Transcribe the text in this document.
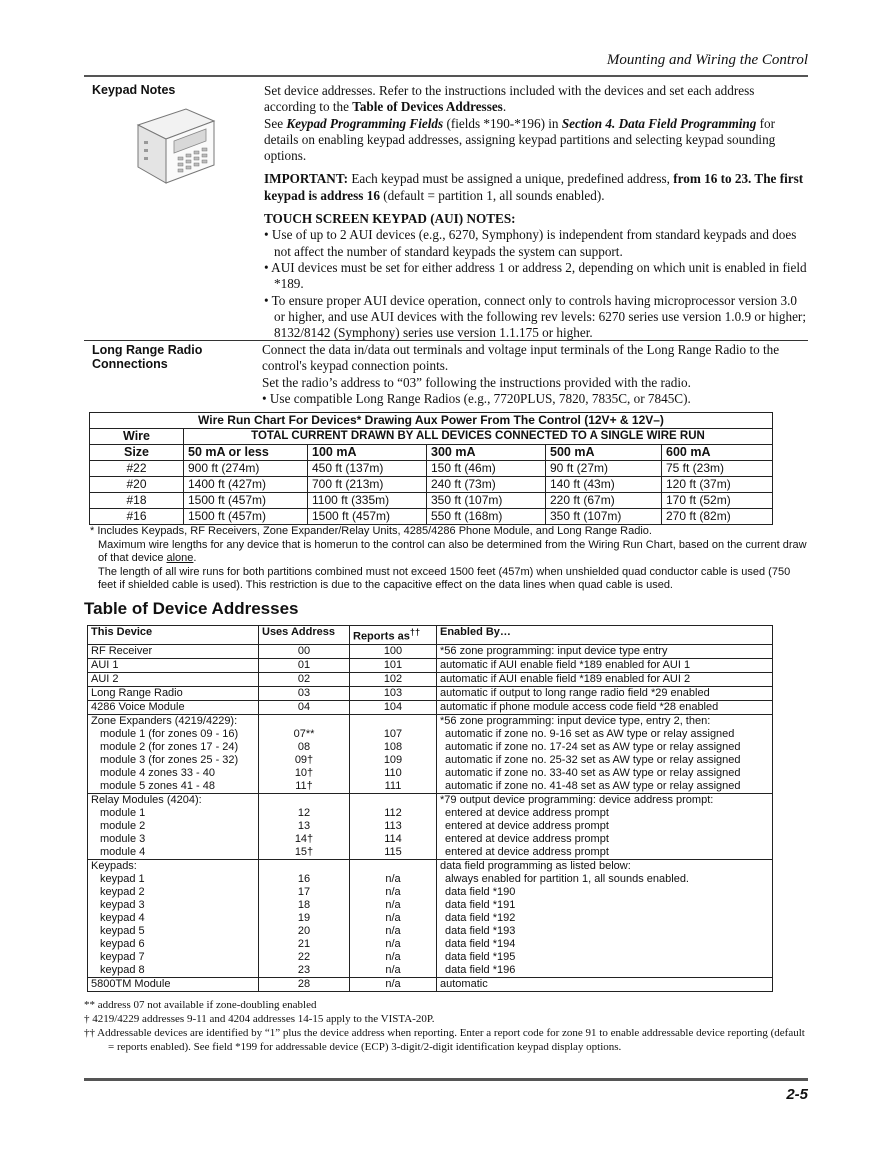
Mounting and Wiring the Control
Keypad Notes	Set device addresses. Refer to the instructions included with the devices and set each address according to the Table of Devices Addresses.

See Keypad Programming Fields (fields *190-*196) in Section 4. Data Field Programming for details on enabling keypad addresses, assigning keypad partitions and selecting keypad sounding options.

IMPORTANT: Each keypad must be assigned a unique, predefined address, from 16 to 23. The first keypad is address 16 (default = partition 1, all sounds enabled).

TOUCH SCREEN KEYPAD (AUI) NOTES:

• Use of up to 2 AUI devices (e.g., 6270, Symphony) is independent from standard keypads and does not affect the number of standard keypads the system can support.

• AUI devices must be set for either address 1 or address 2, depending on which unit is enabled in field *189.

• To ensure proper AUI device operation, connect only to controls having microprocessor version 3.0 or higher, and use AUI devices with the following rev levels: 6270 series use version 1.0.9 or higher; 8132/8142 (Symphony) series use version 1.1.175 or higher.

Long Range Radio Connections

Connect the data in/data out terminals and voltage input terminals of the Long Range Radio to the control's keypad connection points.

Set the radio’s address to “03” following the instructions provided with the radio.

• Use compatible Long Range Radios (e.g., 7720PLUS, 7820, 7835C, or 7845C).

Wire Run Chart For Devices* Drawing Aux Power From The Control (12V+ & 12V–)					
Wire	TOTAL CURRENT DRAWN BY ALL DEVICES CONNECTED TO A SINGLE WIRE RUN				
Size	50 mA or less	100 mA	300 mA	500 mA	600 mA
#22	900 ft (274m)	450 ft (137m)	150 ft (46m)	90 ft (27m)	75 ft (23m)
#20	1400 ft (427m)	700 ft (213m)	240 ft (73m)	140 ft (43m)	120 ft (37m)
#18	1500 ft (457m)	1100 ft (335m)	350 ft (107m)	220 ft (67m)	170 ft (52m)
#16	1500 ft (457m)	1500 ft (457m)	550 ft (168m)	350 ft (107m)	270 ft (82m)

* Includes Keypads, RF Receivers, Zone Expander/Relay Units, 4285/4286 Phone Module, and Long Range Radio.

Maximum wire lengths for any device that is homerun to the control can also be determined from the Wiring Run Chart, based on the current draw of that device alone.

The length of all wire runs for both partitions combined must not exceed 1500 feet (457m) when unshielded quad conductor cable is used (750 feet if shielded cable is used). This restriction is due to the capacitive effect on the data lines when quad cable is used.

Table of Device Addresses
This Device	Uses Address	Reports as††	Enabled By…
RF Receiver	00	100	*56 zone programming: input device type entry
AUI 1	01	101	automatic if AUI enable field *189 enabled for AUI 1
AUI 2	02	102	automatic if AUI enable field *189 enabled for AUI 2
Long Range Radio	03	103	automatic if output to long range radio field *29 enabled
4286 Voice Module	04	104	automatic if phone module access code field *28 enabled
Zone Expanders (4219/4229):			*56 zone programming: input device type, entry 2, then:
module 1 (for zones 09 - 16)	07**	107	automatic if zone no. 9-16 set as AW type or relay assigned
module 2 (for zones 17 - 24)	08	108	automatic if zone no. 17-24 set as AW type or relay assigned
module 3 (for zones 25 - 32)	09†	109	automatic if zone no. 25-32 set as AW type or relay assigned
module 4 zones 33 - 40	10†	110	automatic if zone no. 33-40 set as AW type or relay assigned
module 5 zones 41 - 48	11†	111	automatic if zone no. 41-48 set as AW type or relay assigned
Relay Modules (4204):			*79 output device programming: device address prompt:
module 1	12	112	entered at device address prompt
module 2	13	113	entered at device address prompt
module 3	14†	114	entered at device address prompt
module 4	15†	115	entered at device address prompt
Keypads:			data field programming as listed below:
keypad 1	16	n/a	always enabled for partition 1, all sounds enabled.
keypad 2	17	n/a	data field *190
keypad 3	18	n/a	data field *191
keypad 4	19	n/a	data field *192
keypad 5	20	n/a	data field *193
keypad 6	21	n/a	data field *194
keypad 7	22	n/a	data field *195
keypad 8	23	n/a	data field *196
5800TM Module	28	n/a	automatic

** address 07 not available if zone-doubling enabled

† 4219/4229 addresses 9-11 and 4204 addresses 14-15 apply to the VISTA-20P.

†† Addressable devices are identified by “1” plus the device address when reporting. Enter a report code for zone 91 to enable addressable device reporting (default = reports enabled). See field *199 for addressable device (ECP) 3-digit/2-digit identification keypad display options.

2-5
